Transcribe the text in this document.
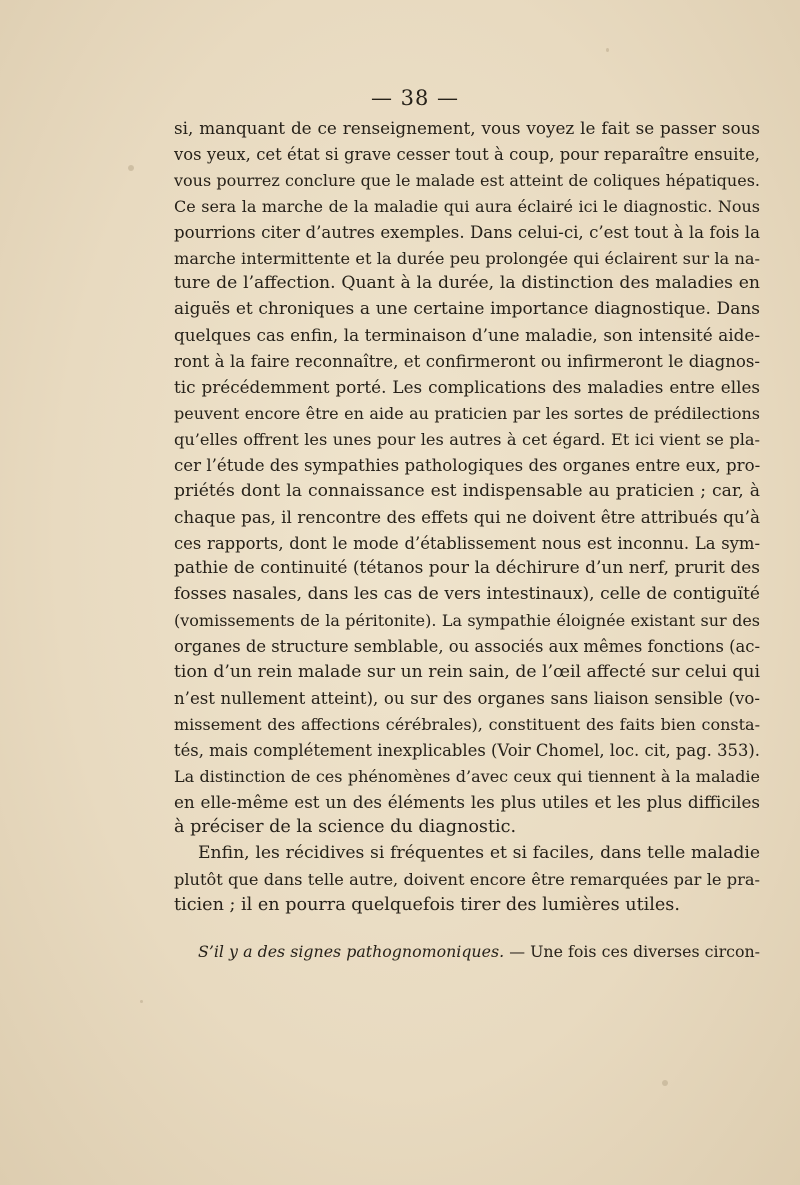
— 38 —
si, manquant de ce renseignement, vous voyez le fait se passer sous
vos yeux, cet état si grave cesser tout à coup, pour reparaître ensuite,
vous pourrez conclure que le malade est atteint de coliques hépatiques.
Ce sera la marche de la maladie qui aura éclairé ici le diagnostic. Nous
pourrions citer d’autres exemples. Dans celui-ci, c’est tout à la fois la
marche intermittente et la durée peu prolongée qui éclairent sur la na-
ture de l’affection. Quant à la durée, la distinction des maladies en
aiguës et chroniques a une certaine importance diagnostique. Dans
quelques cas enfin, la terminaison d’une maladie, son intensité aide-
ront à la faire reconnaître, et confirmeront ou infirmeront le diagnos-
tic précédemment porté. Les complications des maladies entre elles
peuvent encore être en aide au praticien par les sortes de prédilections
qu’elles offrent les unes pour les autres à cet égard. Et ici vient se pla-
cer l’étude des sympathies pathologiques des organes entre eux, pro-
priétés dont la connaissance est indispensable au praticien ; car, à
chaque pas, il rencontre des effets qui ne doivent être attribués qu’à
ces rapports, dont le mode d’établissement nous est inconnu. La sym-
pathie de continuité (tétanos pour la déchirure d’un nerf, prurit des
fosses nasales, dans les cas de vers intestinaux), celle de contiguïté
(vomissements de la péritonite). La sympathie éloignée existant sur des
organes de structure semblable, ou associés aux mêmes fonctions (ac-
tion d’un rein malade sur un rein sain, de l’œil affecté sur celui qui
n’est nullement atteint), ou sur des organes sans liaison sensible (vo-
missement des affections cérébrales), constituent des faits bien consta-
tés, mais complétement inexplicables (Voir Chomel, loc. cit, pag. 353).
La distinction de ces phénomènes d’avec ceux qui tiennent à la maladie
en elle-même est un des éléments les plus utiles et les plus difficiles
à préciser de la science du diagnostic.
Enfin, les récidives si fréquentes et si faciles, dans telle maladie
plutôt que dans telle autre, doivent encore être remarquées par le pra-
ticien ; il en pourra quelquefois tirer des lumières utiles.
S’il y a des signes pathognomoniques. — Une fois ces diverses circon-
